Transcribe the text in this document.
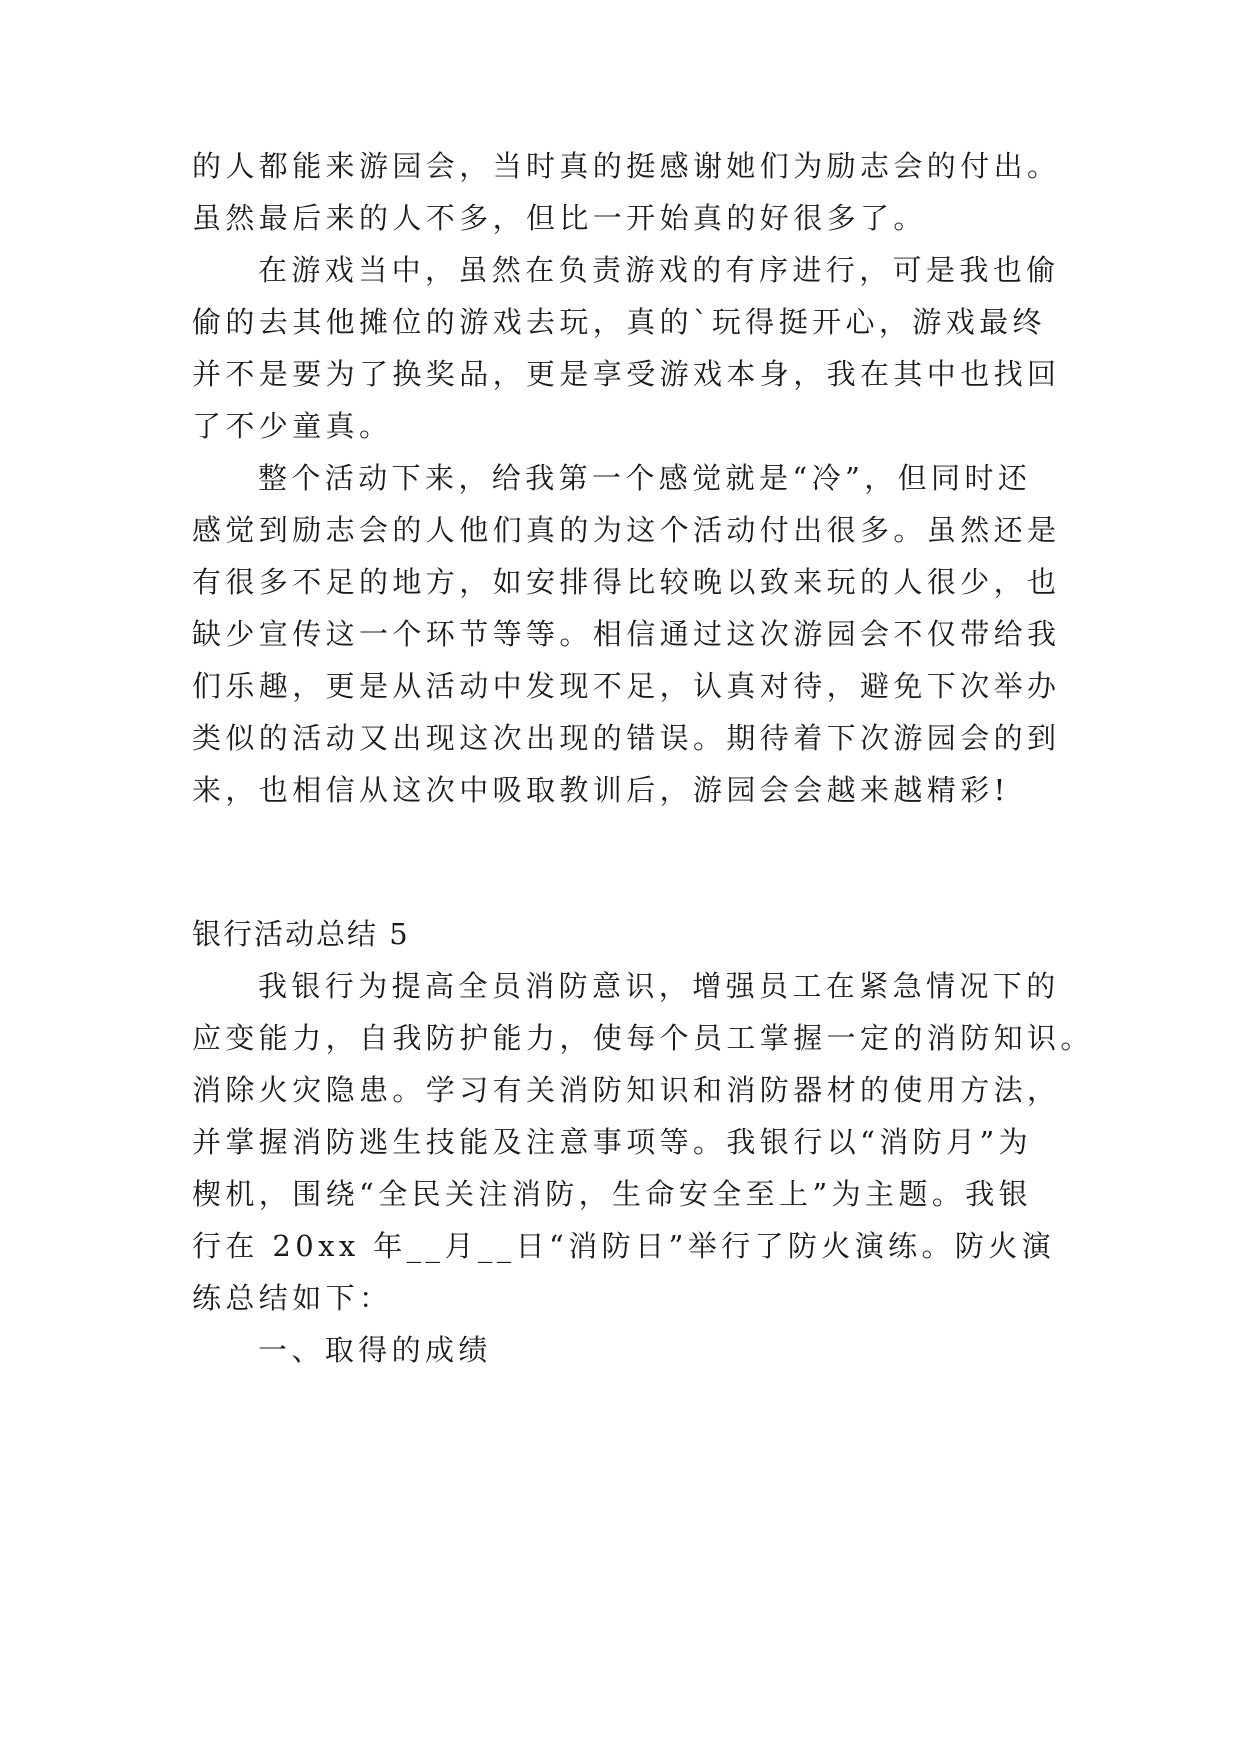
的人都能来游园会，当时真的挺感谢她们为励志会的付出。
虽然最后来的人不多，但比一开始真的好很多了。
在游戏当中，虽然在负责游戏的有序进行，可是我也偷
偷的去其他摊位的游戏去玩，真的`玩得挺开心，游戏最终
并不是要为了换奖品，更是享受游戏本身，我在其中也找回
了不少童真。
整个活动下来，给我第一个感觉就是“冷”，但同时还
感觉到励志会的人他们真的为这个活动付出很多。虽然还是
有很多不足的地方，如安排得比较晚以致来玩的人很少，也
缺少宣传这一个环节等等。相信通过这次游园会不仅带给我
们乐趣，更是从活动中发现不足，认真对待，避免下次举办
类似的活动又出现这次出现的错误。期待着下次游园会的到
来，也相信从这次中吸取教训后，游园会会越来越精彩!
银行活动总结 5
我银行为提高全员消防意识，增强员工在紧急情况下的
应变能力，自我防护能力，使每个员工掌握一定的消防知识。
消除火灾隐患。学习有关消防知识和消防器材的使用方法，
并掌握消防逃生技能及注意事项等。我银行以“消防月”为
楔机，围绕“全民关注消防，生命安全至上”为主题。我银
行在 20xx 年__月__日“消防日”举行了防火演练。防火演
练总结如下：
一、取得的成绩
